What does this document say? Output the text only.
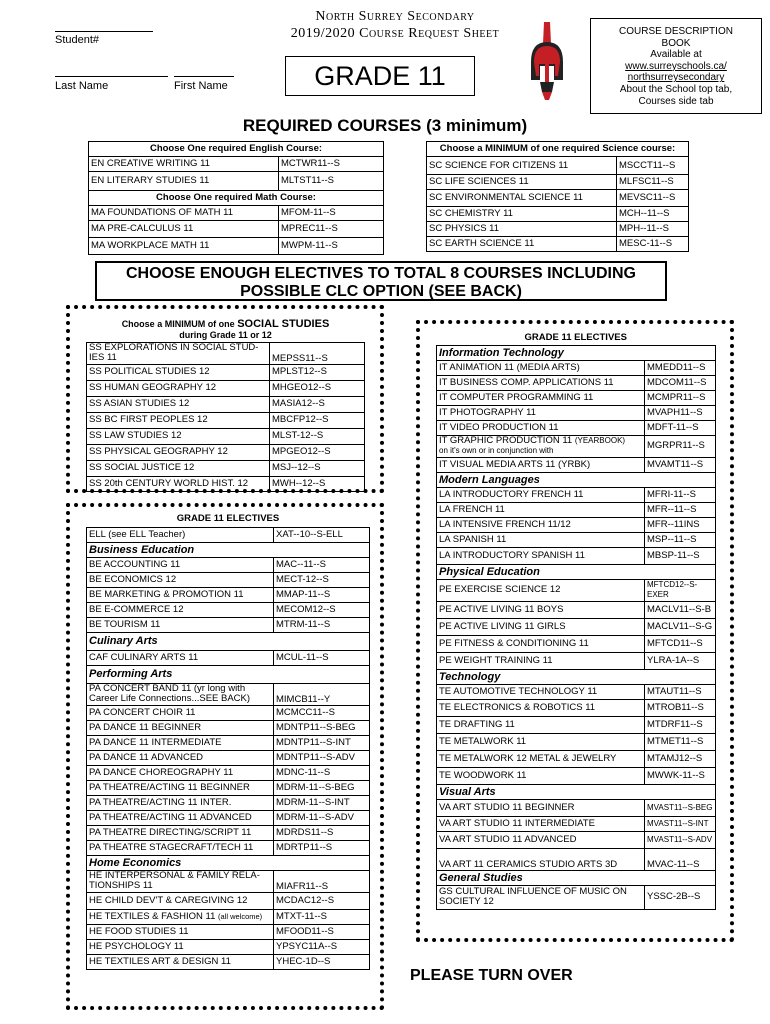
Student#
Last Name	First Name
North Surrey Secondary
2019/2020 Course Request Sheet
GRADE 11
COURSE DESCRIPTION
BOOK
Available at
www.surreyschools.ca/
northsurreysecondary
About the School top tab,
Courses side tab
REQUIRED COURSES (3 minimum)
Choose One required English Course:	
EN CREATIVE WRITING 11	MCTWR11--S
EN LITERARY STUDIES 11	MLTST11--S
Choose One required Math Course:	
MA FOUNDATIONS OF MATH 11	MFOM-11--S
MA PRE-CALCULUS 11	MPREC11--S
MA WORKPLACE MATH 11	MWPM-11--S
Choose a MINIMUM of one required Science course:	
SC SCIENCE FOR CITIZENS 11	MSCCT11--S
SC LIFE SCIENCES 11	MLFSC11--S
SC ENVIRONMENTAL SCIENCE 11	MEVSC11--S
SC CHEMISTRY 11	MCH--11--S
SC PHYSICS 11	MPH--11--S
SC EARTH SCIENCE 11	MESC-11--S
CHOOSE ENOUGH ELECTIVES TO TOTAL 8 COURSES INCLUDING
POSSIBLE CLC OPTION (SEE BACK)
Choose a MINIMUM of one SOCIAL STUDIES
during Grade 11 or 12	
SS EXPLORATIONS IN SOCIAL STUD-IES 11	MEPSS11--S
SS POLITICAL STUDIES 12	MPLST12--S
SS HUMAN GEOGRAPHY 12	MHGEO12--S
SS ASIAN STUDIES 12	MASIA12--S
SS BC FIRST PEOPLES 12	MBCFP12--S
SS LAW STUDIES 12	MLST-12--S
SS PHYSICAL GEOGRAPHY 12	MPGEO12--S
SS SOCIAL JUSTICE 12	MSJ--12--S
SS 20th CENTURY WORLD HIST. 12	MWH--12--S
GRADE 11 ELECTIVES	
ELL (see ELL Teacher)	XAT--10--S-ELL
Business Education	
BE ACCOUNTING 11	MAC--11--S
BE ECONOMICS 12	MECT-12--S
BE MARKETING & PROMOTION 11	MMAP-11--S
BE E-COMMERCE 12	MECOM12--S
BE TOURISM 11	MTRM-11--S
Culinary Arts	
CAF CULINARY ARTS 11	MCUL-11--S
Performing Arts	
PA CONCERT BAND 11 (yr long with Career Life Connections...SEE BACK)	MIMCB11--Y
PA CONCERT CHOIR 11	MCMCC11--S
PA DANCE 11 BEGINNER	MDNTP11--S-BEG
PA DANCE 11 INTERMEDIATE	MDNTP11--S-INT
PA DANCE 11 ADVANCED	MDNTP11--S-ADV
PA DANCE CHOREOGRAPHY 11	MDNC-11--S
PA THEATRE/ACTING 11 BEGINNER	MDRM-11--S-BEG
PA THEATRE/ACTING 11 INTER.	MDRM-11--S-INT
PA THEATRE/ACTING 11 ADVANCED	MDRM-11--S-ADV
PA THEATRE DIRECTING/SCRIPT 11	MDRDS11--S
PA THEATRE STAGECRAFT/TECH 11	MDRTP11--S
Home Economics	
HE INTERPERSONAL & FAMILY RELA-TIONSHIPS 11	MIAFR11--S
HE CHILD DEV'T & CAREGIVING 12	MCDAC12--S
HE TEXTILES & FASHION 11 (all welcome)	MTXT-11--S
HE FOOD STUDIES 11	MFOOD11--S
HE PSYCHOLOGY 11	YPSYC11A--S
HE TEXTILES ART & DESIGN 11	YHEC-1D--S
GRADE 11 ELECTIVES	
Information Technology	
IT ANIMATION 11 (MEDIA ARTS)	MMEDD11--S
IT BUSINESS COMP. APPLICATIONS 11	MDCOM11--S
IT COMPUTER PROGRAMMING 11	MCMPR11--S
IT PHOTOGRAPHY 11	MVAPH11--S
IT VIDEO PRODUCTION 11	MDFT-11--S
IT GRAPHIC PRODUCTION 11 (YEARBOOK)
on it's own or in conjunction with	MGRPR11--S
IT VISUAL MEDIA ARTS 11 (YRBK)	MVAMT11--S
Modern Languages	
LA INTRODUCTORY FRENCH 11	MFRI-11--S
LA FRENCH 11	MFR--11--S
LA INTENSIVE FRENCH 11/12	MFR--11INS
LA SPANISH 11	MSP--11--S
LA INTRODUCTORY SPANISH 11	MBSP-11--S
Physical Education	
PE EXERCISE SCIENCE 12	MFTCD12--S-EXER
PE ACTIVE LIVING 11 BOYS	MACLV11--S-B
PE ACTIVE LIVING 11 GIRLS	MACLV11--S-G
PE FITNESS & CONDITIONING 11	MFTCD11--S
PE WEIGHT TRAINING 11	YLRA-1A--S
Technology	
TE AUTOMOTIVE TECHNOLOGY 11	MTAUT11--S
TE ELECTRONICS & ROBOTICS 11	MTROB11--S
TE DRAFTING 11	MTDRF11--S
TE METALWORK 11	MTMET11--S
TE METALWORK 12 METAL & JEWELRY	MTAMJ12--S
TE WOODWORK 11	MWWK-11--S
Visual Arts	
VA ART STUDIO 11 BEGINNER	MVAST11--S-BEG
VA ART STUDIO 11 INTERMEDIATE	MVAST11--S-INT
VA ART STUDIO 11 ADVANCED	MVAST11--S-ADV
VA ART 11 CERAMICS STUDIO ARTS 3D	MVAC-11--S
General Studies	
GS CULTURAL INFLUENCE OF MUSIC ON SOCIETY 12	YSSC-2B--S
PLEASE TURN OVER
